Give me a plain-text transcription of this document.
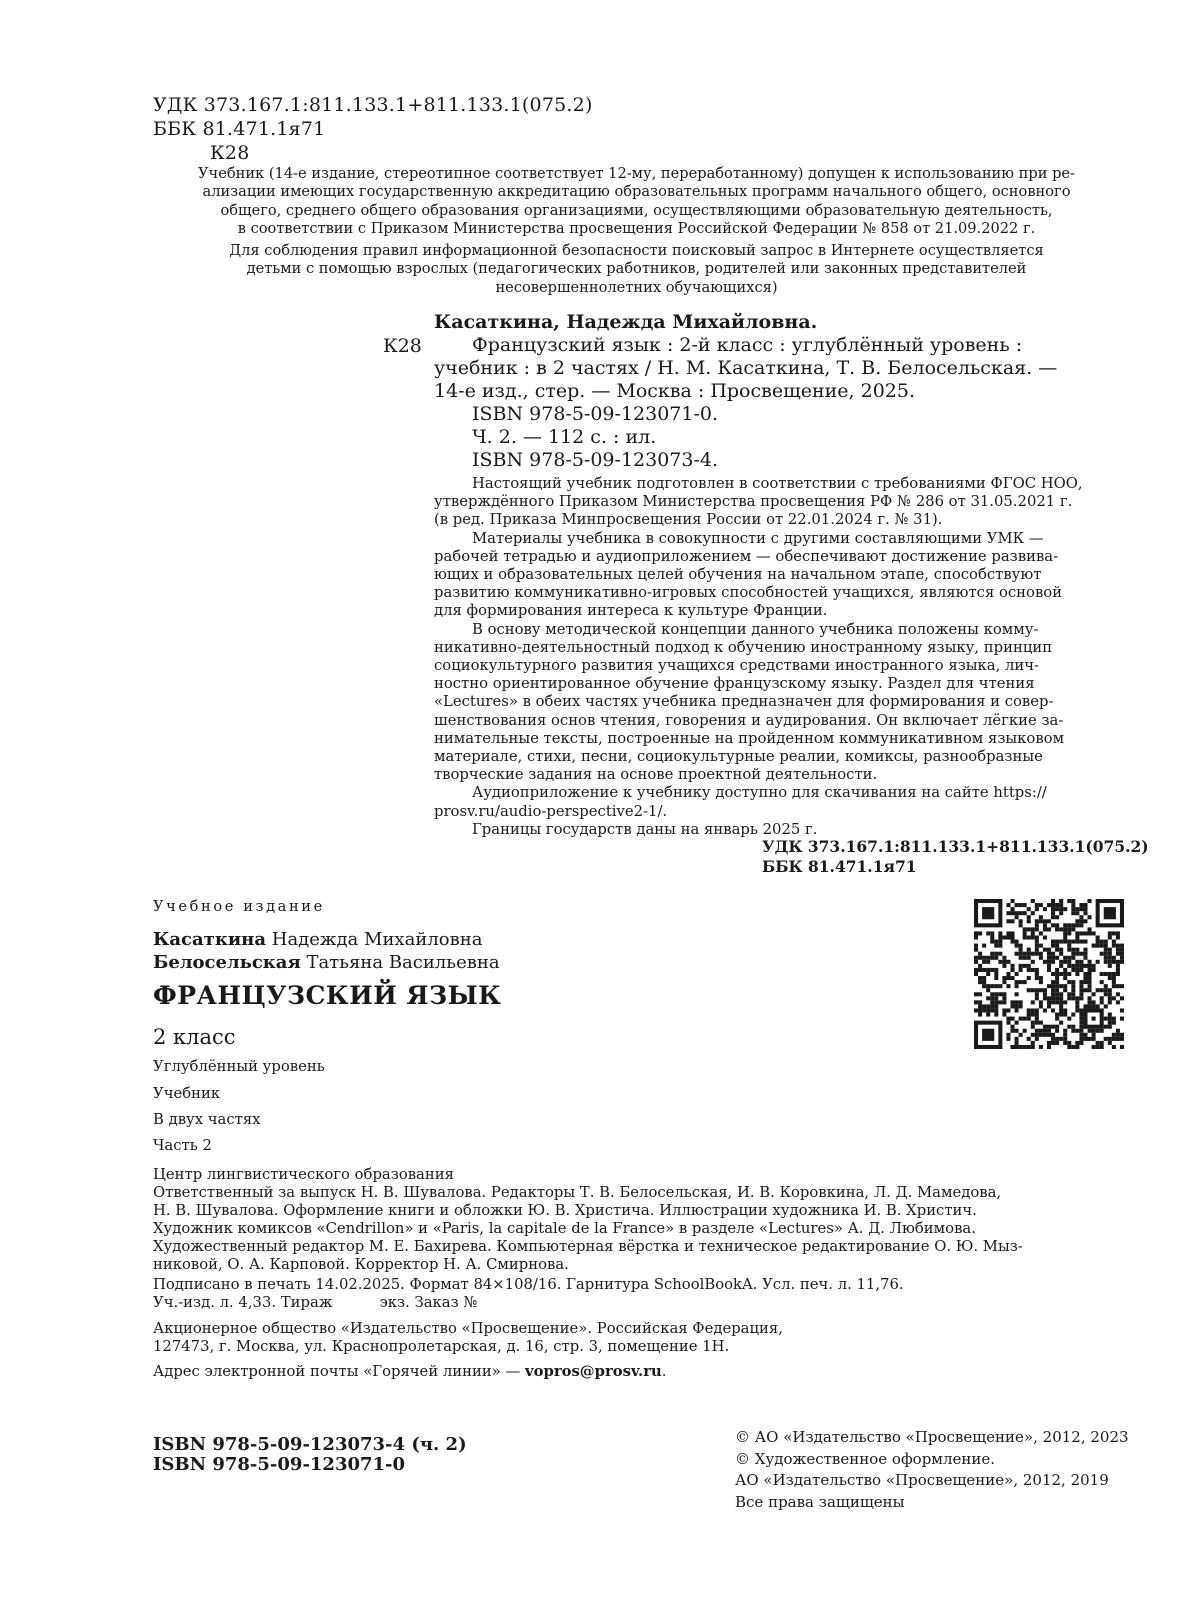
УДК 373.167.1:811.133.1+811.133.1(075.2)
ББК 81.471.1я71
К28
Учебник (14-е издание, стереотипное соответствует 12-му, переработанному) допущен к использованию при ре-
ализации имеющих государственную аккредитацию образовательных программ начального общего, основного
общего, среднего общего образования организациями, осуществляющими образовательную деятельность,
в соответствии с Приказом Министерства просвещения Российской Федерации № 858 от 21.09.2022 г.
Для соблюдения правил информационной безопасности поисковый запрос в Интернете осуществляется
детьми с помощью взрослых (педагогических работников, родителей или законных представителей
несовершеннолетних обучающихся)
К28
Касаткина, Надежда Михайловна.
Французский язык : 2-й класс : углублённый уровень :
учебник : в 2 частях / Н. М. Касаткина, Т. В. Белосельская. —
14-е изд., стер. — Москва : Просвещение, 2025.
ISBN 978-5-09-123071-0.
Ч. 2. — 112 с. : ил.
ISBN 978-5-09-123073-4.
Настоящий учебник подготовлен в соответствии с требованиями ФГОС НОО,
утверждённого Приказом Министерства просвещения РФ № 286 от 31.05.2021 г.
(в ред. Приказа Минпросвещения России от 22.01.2024 г. № 31).
Материалы учебника в совокупности с другими составляющими УМК —
рабочей тетрадью и аудиоприложением — обеспечивают достижение развива-
ющих и образовательных целей обучения на начальном этапе, способствуют
развитию коммуникативно-игровых способностей учащихся, являются основой
для формирования интереса к культуре Франции.
В основу методической концепции данного учебника положены комму-
никативно-деятельностный подход к обучению иностранному языку, принцип
социокультурного развития учащихся средствами иностранного языка, лич-
ностно ориентированное обучение французскому языку. Раздел для чтения
«Lectures» в обеих частях учебника предназначен для формирования и совер-
шенствования основ чтения, говорения и аудирования. Он включает лёгкие за-
нимательные тексты, построенные на пройденном коммуникативном языковом
материале, стихи, песни, социокультурные реалии, комиксы, разнообразные
творческие задания на основе проектной деятельности.
Аудиоприложение к учебнику доступно для скачивания на сайте https://
prosv.ru/audio-perspective2-1/.
Границы государств даны на январь 2025 г.
УДК 373.167.1:811.133.1+811.133.1(075.2)
ББК 81.471.1я71
Учебное издание
Касаткина Надежда Михайловна
Белосельская Татьяна Васильевна
ФРАНЦУЗСКИЙ ЯЗЫК
2 класс
Углублённый уровень
Учебник
В двух частях
Часть 2
Центр лингвистического образования
Ответственный за выпуск Н. В. Шувалова. Редакторы Т. В. Белосельская, И. В. Коровкина, Л. Д. Мамедова,
Н. В. Шувалова. Оформление книги и обложки Ю. В. Христича. Иллюстрации художника И. В. Христич.
Художник комиксов «Cendrillon» и «Paris, la capitale de la France» в разделе «Lectures» А. Д. Любимова.
Художественный редактор М. Е. Бахирева. Компьютерная вёрстка и техническое редактирование О. Ю. Мыз-
никовой, О. А. Карповой. Корректор Н. А. Смирнова.
Подписано в печать 14.02.2025. Формат 84×108/16. Гарнитура SchoolBookA. Усл. печ. л. 11,76.
Уч.-изд. л. 4,33. Тираж          экз. Заказ №
Акционерное общество «Издательство «Просвещение». Российская Федерация,
127473, г. Москва, ул. Краснопролетарская, д. 16, стр. 3, помещение 1Н.
Адрес электронной почты «Горячей линии» — vopros@prosv.ru.
ISBN 978-5-09-123073-4 (ч. 2)
ISBN 978-5-09-123071-0
© АО «Издательство «Просвещение», 2012, 2023
© Художественное оформление.
АО «Издательство «Просвещение», 2012, 2019
Все права защищены
